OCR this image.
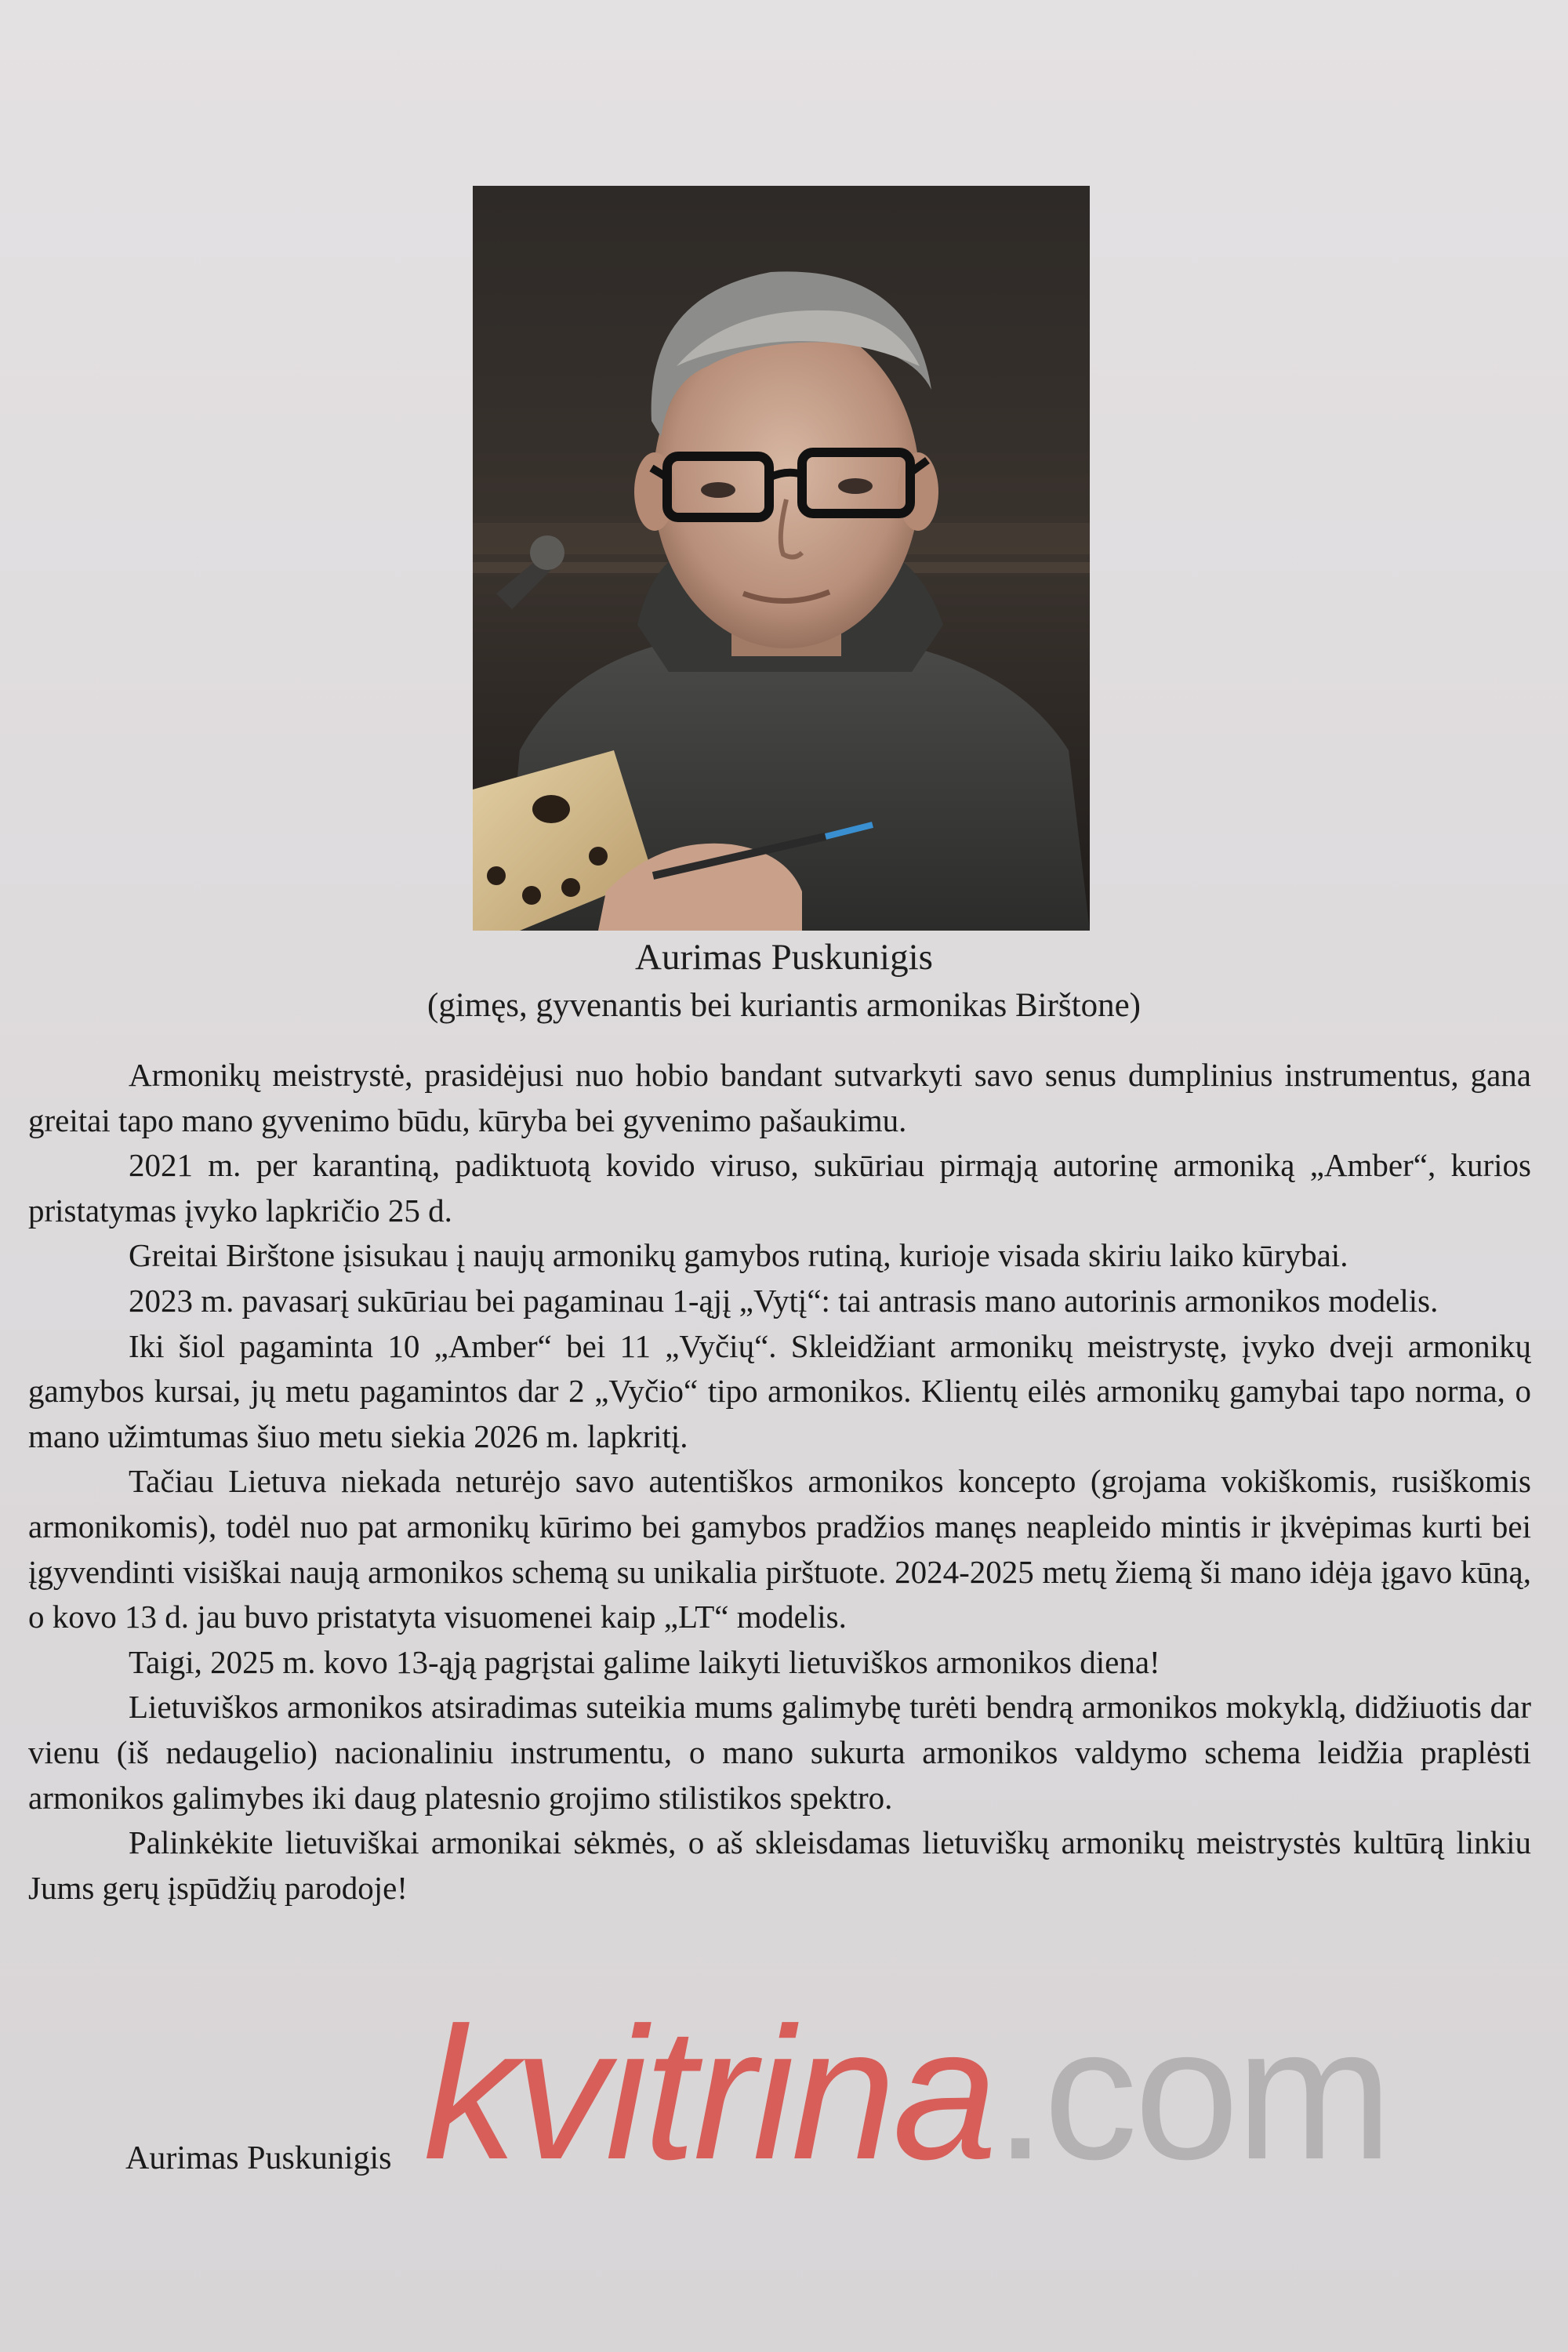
Aurimas Puskunigis
(gimęs, gyvenantis bei kuriantis armonikas Birštone)

Armonikų meistrystė, prasidėjusi nuo hobio bandant sutvarkyti savo senus dumplinius instrumentus, gana greitai tapo mano gyvenimo būdu, kūryba bei gyvenimo pašaukimu.

2021 m. per karantiną, padiktuotą kovido viruso, sukūriau pirmąją autorinę armoniką „Amber“, kurios pristatymas įvyko lapkričio 25 d.

Greitai Birštone įsisukau į naujų armonikų gamybos rutiną, kurioje visada skiriu laiko kūrybai.

2023 m. pavasarį sukūriau bei pagaminau 1-ąjį „Vytį“: tai antrasis mano autorinis armonikos modelis.

Iki šiol pagaminta 10 „Amber“ bei 11 „Vyčių“. Skleidžiant armonikų meistrystę, įvyko dveji armonikų gamybos kursai, jų metu pagamintos dar 2 „Vyčio“ tipo armonikos. Klientų eilės armonikų gamybai tapo norma, o mano užimtumas šiuo metu siekia 2026 m. lapkritį.

Tačiau Lietuva niekada neturėjo savo autentiškos armonikos koncepto (grojama vokiškomis, rusiškomis armonikomis), todėl nuo pat armonikų kūrimo bei gamybos pradžios manęs neapleido mintis ir įkvėpimas kurti bei įgyvendinti visiškai naują armonikos schemą su unikalia pirštuote. 2024-2025 metų žiemą ši mano idėja įgavo kūną, o kovo 13 d. jau buvo pristatyta visuomenei kaip „LT“ modelis.

Taigi, 2025 m. kovo 13-ąją pagrįstai galime laikyti lietuviškos armonikos diena!

Lietuviškos armonikos atsiradimas suteikia mums galimybę turėti bendrą armonikos mokyklą, didžiuotis dar vienu (iš nedaugelio) nacionaliniu instrumentu, o mano sukurta armonikos valdymo schema leidžia praplėsti armonikos galimybes iki daug platesnio grojimo stilistikos spektro.

Palinkėkite lietuviškai armonikai sėkmės, o aš skleisdamas lietuviškų armonikų meistrystės kultūrą linkiu Jums gerų įspūdžių parodoje!

Aurimas Puskunigis kvitrina.com
